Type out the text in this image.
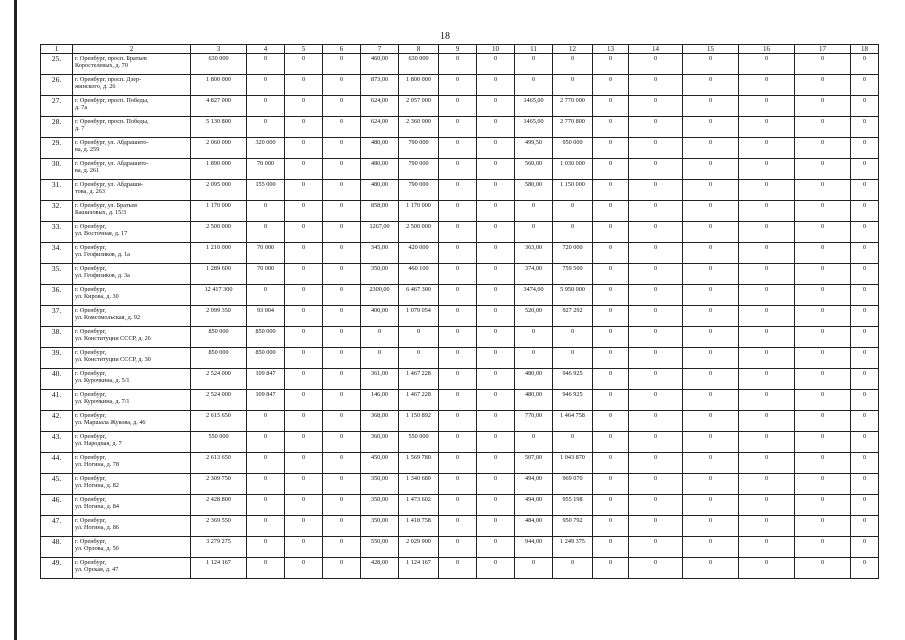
18
1	2	3	4	5	6	7	8	9	10	11	12	13	14	15	16	17	18
25.	г. Оренбург, просп. Братьев
Коростелевых, д. 70	630 000	0	0	0	460,00	630 000	0	0	0	0	0	0	0	0	0	0
26.	г. Оренбург, просп. Дзер-
жинского, д. 26	1 800 000	0	0	0	873,00	1 800 000	0	0	0	0	0	0	0	0	0	0
27.	г. Оренбург, просп. Победы,
д. 7а	4 827 000	0	0	0	624,00	2 057 000	0	0	1465,00	2 770 000	0	0	0	0	0	0
28.	г. Оренбург, просп. Победы,
д. 7	5 130 800	0	0	0	624,00	2 360 000	0	0	1465,00	2 770 800	0	0	0	0	0	0
29.	г. Оренбург, ул. Абдрашито-
ва, д. 259	2 060 000	320 000	0	0	480,00	790 000	0	0	499,50	950 000	0	0	0	0	0	0
30.	г. Оренбург, ул. Абдрашито-
ва, д. 261	1 890 000	70 000	0	0	480,00	790 000	0	0	560,00	1 030 000	0	0	0	0	0	0
31.	г. Оренбург, ул. Абдраши-
това, д. 263	2 095 000	155 000	0	0	480,00	790 000	0	0	580,00	1 150 000	0	0	0	0	0	0
32.	г. Оренбург, ул. Братьев
Башиловых, д. 15/3	1 170 000	0	0	0	858,00	1 170 000	0	0	0	0	0	0	0	0	0	0
33.	г. Оренбург,
ул. Восточная, д. 17	2 500 000	0	0	0	1267,00	2 500 000	0	0	0	0	0	0	0	0	0	0
34.	г. Оренбург,
ул. Геофизиков, д. 1а	1 210 000	70 000	0	0	345,00	420 000	0	0	363,00	720 000	0	0	0	0	0	0
35.	г. Оренбург,
ул. Геофизиков, д. 3а	1 289 600	70 000	0	0	350,00	460 100	0	0	374,00	759 500	0	0	0	0	0	0
36.	г. Оренбург,
ул. Кирова, д. 30	12 417 300	0	0	0	2300,00	6 467 300	0	0	3474,00	5 950 000	0	0	0	0	0	0
37.	г. Оренбург,
ул. Комсомольская, д. 92	2 099 350	93 004	0	0	400,00	1 079 054	0	0	520,00	927 292	0	0	0	0	0	0
38.	г. Оренбург,
ул. Конституции СССР, д. 26	850 000	850 000	0	0	0	0	0	0	0	0	0	0	0	0	0	0
39.	г. Оренбург,
ул. Конституции СССР, д. 30	850 000	850 000	0	0	0	0	0	0	0	0	0	0	0	0	0	0
40.	г. Оренбург,
ул. Курочкина, д. 5/1	2 524 000	109 847	0	0	361,00	1 467 228	0	0	480,00	946 925	0	0	0	0	0	0
41.	г. Оренбург,
ул. Курочкина, д. 7/1	2 524 000	109 847	0	0	146,00	1 467 228	0	0	480,00	946 925	0	0	0	0	0	0
42.	г. Оренбург,
ул. Маршала Жукова, д. 46	2 615 650	0	0	0	368,00	1 150 892	0	0	770,00	1 464 758	0	0	0	0	0	0
43.	г. Оренбург,
ул. Народная, д. 7	550 000	0	0	0	360,00	550 000	0	0	0	0	0	0	0	0	0	0
44.	г. Оренбург,
ул. Ногина, д. 78	2 613 650	0	0	0	450,00	1 569 780	0	0	507,00	1 043 870	0	0	0	0	0	0
45.	г. Оренбург,
ул. Ногина, д. 82	2 309 750	0	0	0	350,00	1 340 680	0	0	494,00	969 070	0	0	0	0	0	0
46.	г. Оренбург,
ул. Ногина, д. 84	2 428 800	0	0	0	350,00	1 473 602	0	0	494,00	955 198	0	0	0	0	0	0
47.	г. Оренбург,
ул. Ногина, д. 86	2 369 550	0	0	0	350,00	1 418 758	0	0	484,00	950 792	0	0	0	0	0	0
48.	г. Оренбург,
ул. Орлова, д. 50	3 279 275	0	0	0	550,00	2 029 900	0	0	944,00	1 249 375	0	0	0	0	0	0
49.	г. Оренбург,
ул. Орская, д. 47	1 124 167	0	0	0	428,00	1 124 167	0	0	0	0	0	0	0	0	0	0
